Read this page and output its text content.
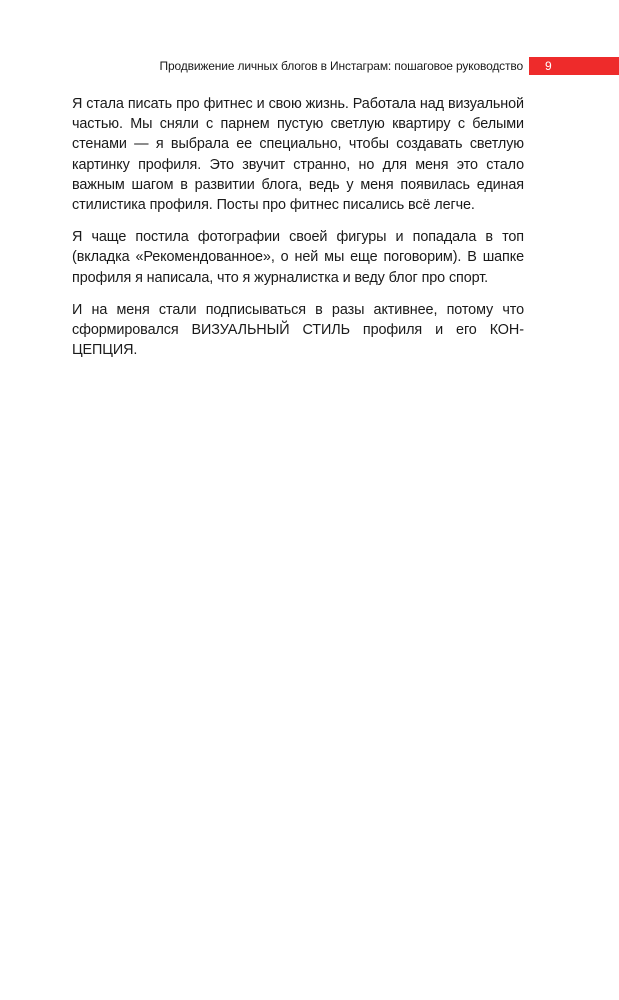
Продвижение личных блогов в Инстаграм: пошаговое руководство 9

Я стала писать про фитнес и свою жизнь. Работала над визуальной частью. Мы сняли с парнем пустую светлую квартиру с белыми стенами — я выбрала ее специально, чтобы создавать светлую картинку профиля. Это звучит странно, но для меня это стало важным шагом в развитии блога, ведь у меня появилась единая стилистика профиля. Посты про фитнес писались всё легче.

Я чаще постила фотографии своей фигуры и попадала в топ (вкладка «Рекомендованное», о ней мы еще поговорим). В шапке профиля я написала, что я журналистка и веду блог про спорт.

И на меня стали подписываться в разы активнее, потому что сформировался ВИЗУАЛЬНЫЙ СТИЛЬ профиля и его КОНЦЕПЦИЯ.
